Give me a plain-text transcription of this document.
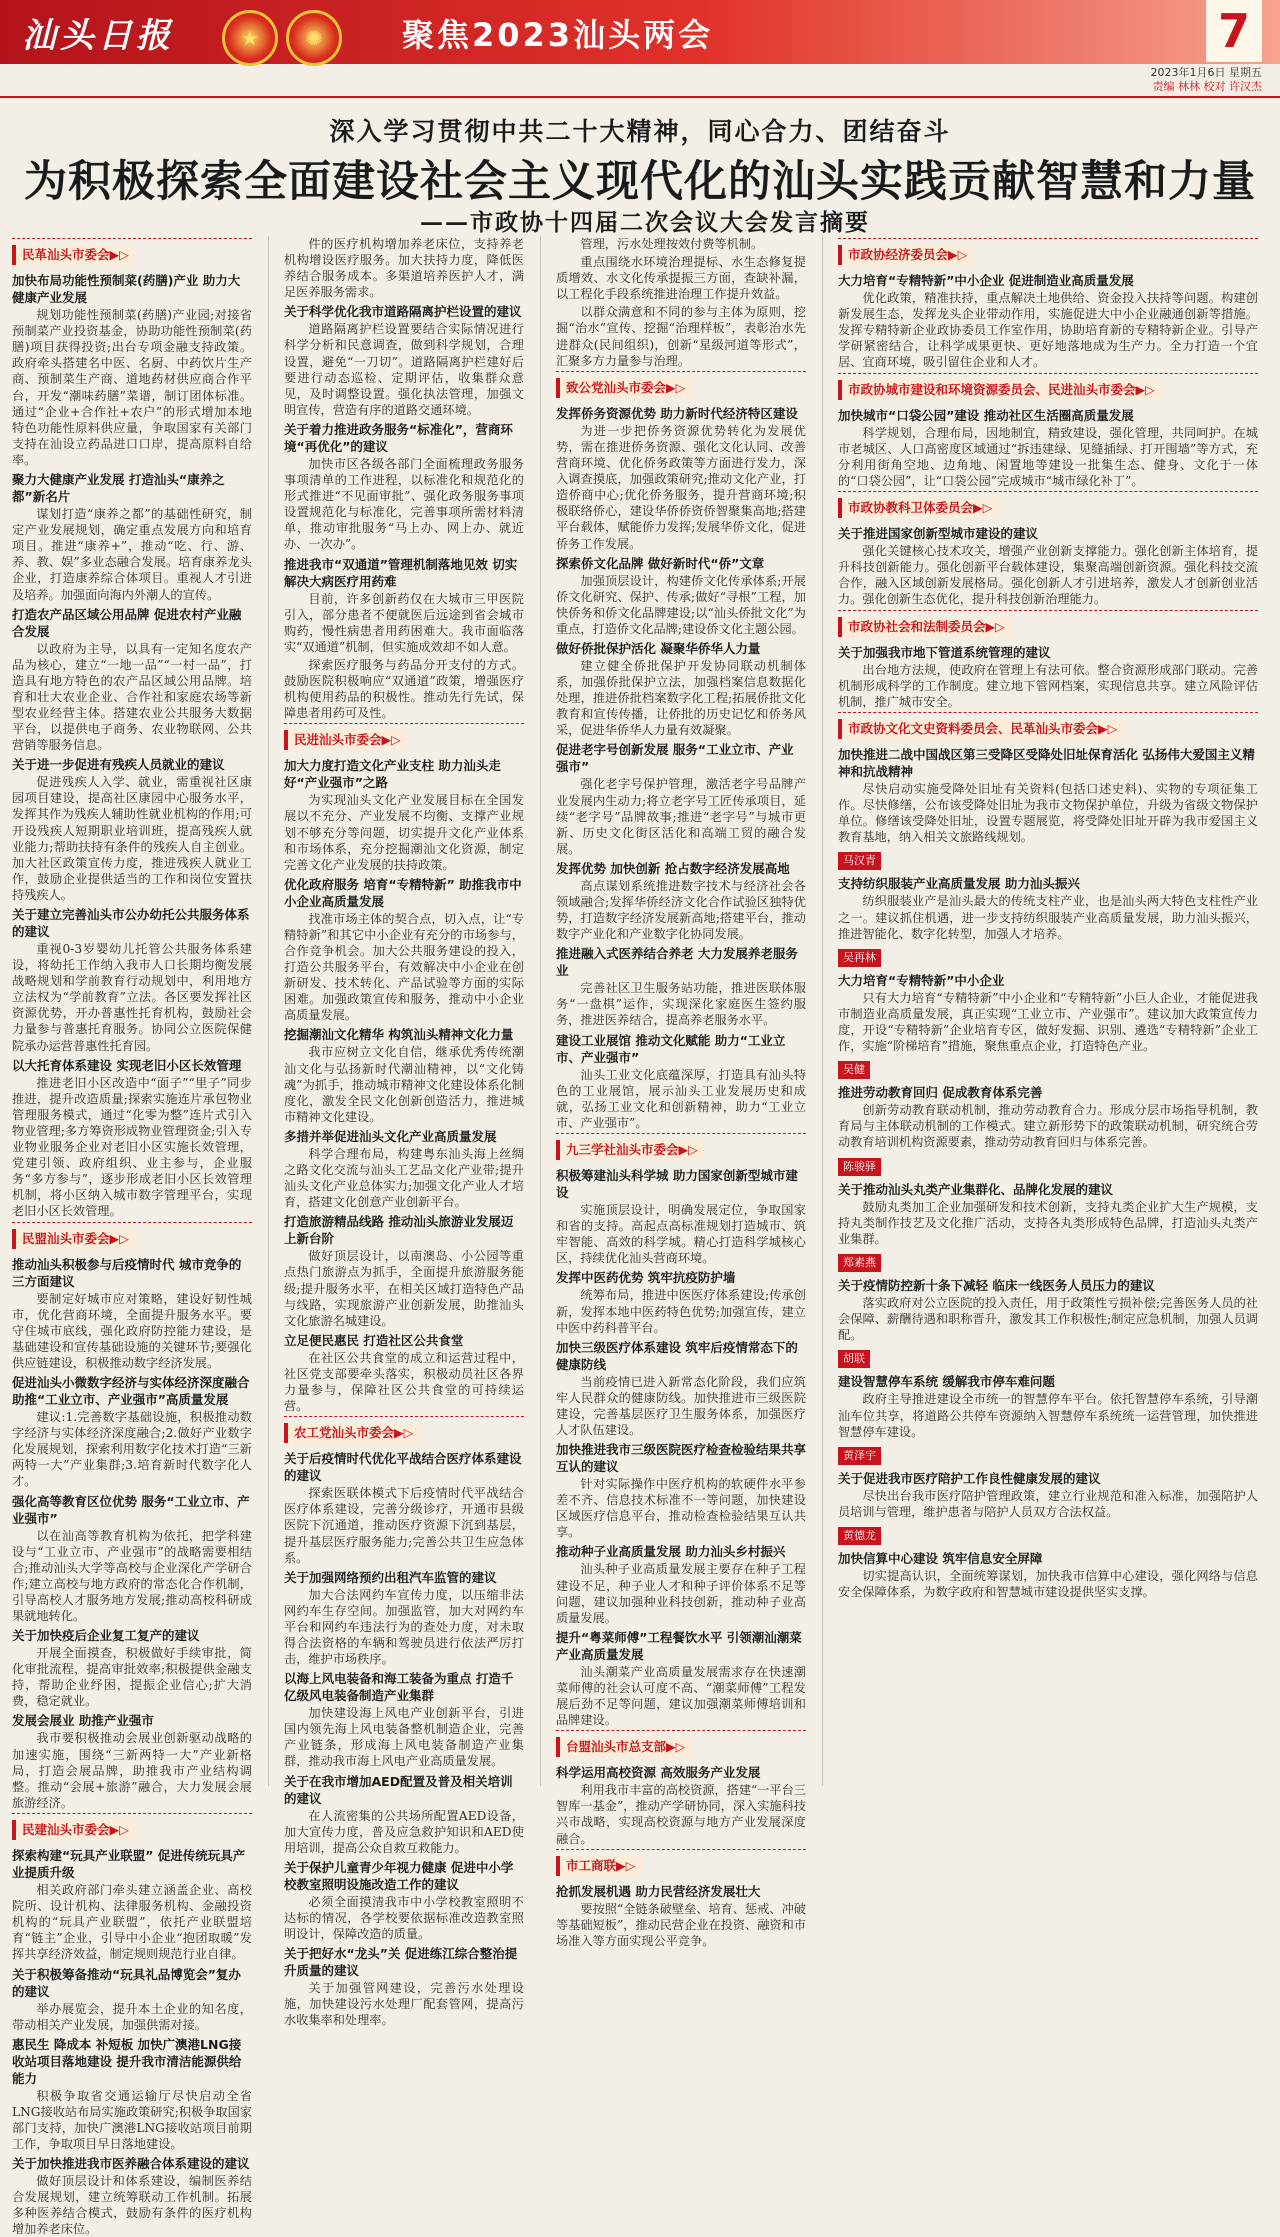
汕头日报	★	✺	聚焦2023汕头两会	7
2023年1月6日 星期五
责编 林林 校对 许汉杰
深入学习贯彻中共二十大精神，同心合力、团结奋斗
为积极探索全面建设社会主义现代化的汕头实践贡献智慧和力量
——市政协十四届二次会议大会发言摘要
民革汕头市委会▶▷
加快布局功能性预制菜(药膳)产业 助力大健康产业发展

规划功能性预制菜(药膳)产业园;对接省预制菜产业投资基金，协助功能性预制菜(药膳)项目获得投资;出台专项金融支持政策。政府牵头搭建名中医、名厨、中药饮片生产商、预制菜生产商、道地药材供应商合作平台，开发“潮味药膳”菜谱，制订团体标准。通过“企业+合作社+农户”的形式增加本地特色功能性原料供应量，争取国家有关部门支持在汕设立药品进口口岸，提高原料自给率。

聚力大健康产业发展 打造汕头“康养之都”新名片

谋划打造“康养之都”的基础性研究，制定产业发展规划，确定重点发展方向和培育项目。推进“康养+”，推动“吃、行、游、养、教、娱”多业态融合发展。培育康养龙头企业，打造康养综合体项目。重视人才引进及培养。加强面向海内外潮人的宣传。

打造农产品区域公用品牌 促进农村产业融合发展

以政府为主导，以具有一定知名度农产品为核心，建立“一地一品”“一村一品”，打造具有地方特色的农产品区域公用品牌。培育和壮大农业企业、合作社和家庭农场等新型农业经营主体。搭建农业公共服务大数据平台，以提供电子商务、农业物联网、公共营销等服务信息。

关于进一步促进有残疾人员就业的建议

促进残疾人入学、就业，需重视社区康园项目建设，提高社区康园中心服务水平，发挥其作为残疾人辅助性就业机构的作用;可开设残疾人短期职业培训班，提高残疾人就业能力;帮助扶持有条件的残疾人自主创业。加大社区政策宣传力度，推进残疾人就业工作，鼓励企业提供适当的工作和岗位安置扶持残疾人。

关于建立完善汕头市公办幼托公共服务体系的建议

重视0-3岁婴幼儿托管公共服务体系建设，将幼托工作纳入我市人口长期均衡发展战略规划和学前教育行动规划中，利用地方立法权为“学前教育”立法。各区要发挥社区资源优势，开办普惠性托育机构，鼓励社会力量参与普惠托育服务。协同公立医院保健院承办运营普惠性托育园。

以大托育体系建设 实现老旧小区长效管理

推进老旧小区改造中“面子”“里子”同步推进，提升改造质量;探索实施连片承包物业管理服务模式，通过“化零为整”连片式引入物业管理;多方筹资形成物业管理资金;引入专业物业服务企业对老旧小区实施长效管理，党建引领、政府组织、业主参与，企业服务“多方参与”，逐步形成老旧小区长效管理机制，将小区纳入城市数字管理平台，实现老旧小区长效管理。

民盟汕头市委会▶▷
推动汕头积极参与后疫情时代 城市竞争的三方面建议

要制定好城市应对策略，建设好韧性城市，优化营商环境，全面提升服务水平。要守住城市底线，强化政府防控能力建设，是基础建设和宣传基础设施的关键环节;要强化供应链建设，积极推动数字经济发展。

促进汕头小微数字经济与实体经济深度融合 助推“工业立市、产业强市”高质量发展

建议:1.完善数字基础设施，积极推动数字经济与实体经济深度融合;2.做好产业数字化发展规划，探索利用数字化技术打造“三新两特一大”产业集群;3.培育新时代数字化人才。

强化高等教育区位优势 服务“工业立市、产业强市”

以在汕高等教育机构为依托，把学科建设与“工业立市、产业强市”的战略需要相结合;推动汕头大学等高校与企业深化产学研合作;建立高校与地方政府的常态化合作机制，引导高校人才服务地方发展;推动高校科研成果就地转化。

关于加快疫后企业复工复产的建议

开展全面摸查，积极做好手续审批，简化审批流程，提高审批效率;积极提供金融支持，帮助企业纾困，提振企业信心;扩大消费，稳定就业。

发展会展业 助推产业强市

我市要积极推动会展业创新驱动战略的加速实施，围绕“三新两特一大”产业新格局，打造会展品牌，助推我市产业结构调整。推动“会展+旅游”融合，大力发展会展旅游经济。

民建汕头市委会▶▷
探索构建“玩具产业联盟” 促进传统玩具产业提质升级

相关政府部门牵头建立涵盖企业、高校院所、设计机构、法律服务机构、金融投资机构的“玩具产业联盟”，依托产业联盟培育“链主”企业，引导中小企业“抱团取暖”发挥共享经济效益，制定规则规范行业自律。

关于积极筹备推动“玩具礼品博览会”复办的建议

举办展览会，提升本土企业的知名度，带动相关产业发展，加强供需对接。

惠民生 降成本 补短板 加快广澳港LNG接收站项目落地建设 提升我市清洁能源供给能力

积极争取省交通运输厅尽快启动全省LNG接收站布局实施政策研究;积极争取国家部门支持，加快广澳港LNG接收站项目前期工作，争取项目早日落地建设。

关于加快推进我市医养融合体系建设的建议

做好顶层设计和体系建设，编制医养结合发展规划，建立统筹联动工作机制。拓展多种医养结合模式，鼓励有条件的医疗机构增加养老床位。

件的医疗机构增加养老床位，支持养老机构增设医疗服务。加大扶持力度，降低医养结合服务成本。多渠道培养医护人才，满足医养服务需求。

关于科学优化我市道路隔离护栏设置的建议

道路隔离护栏设置要结合实际情况进行科学分析和民意调查，做到科学规划，合理设置，避免“一刀切”。道路隔离护栏建好后要进行动态巡检、定期评估，收集群众意见，及时调整设置。强化执法管理，加强文明宣传，营造有序的道路交通环境。

关于着力推进政务服务“标准化”，营商环境“再优化”的建议

加快市区各级各部门全面梳理政务服务事项清单的工作进程，以标准化和规范化的形式推进“不见面审批”、强化政务服务事项设置规范化与标准化，完善事项所需材料清单，推动审批服务“马上办、网上办、就近办、一次办”。

推进我市“双通道”管理机制落地见效 切实解决大病医疗用药难

目前，许多创新药仅在大城市三甲医院引入，部分患者不便就医后远途到省会城市购药，慢性病患者用药困难大。我市面临落实“双通道”机制，但实施成效却不如人意。

探索医疗服务与药品分开支付的方式。鼓励医院积极响应“双通道”政策，增强医疗机构使用药品的积极性。推动先行先试，保障患者用药可及性。

民进汕头市委会▶▷
加大力度打造文化产业支柱 助力汕头走好“产业强市”之路

为实现汕头文化产业发展目标在全国发展以不充分、产业发展不均衡、支撑产业规划不够充分等问题，切实提升文化产业体系和市场体系，充分挖掘潮汕文化资源，制定完善文化产业发展的扶持政策。

优化政府服务 培育“专精特新” 助推我市中小企业高质量发展

找准市场主体的契合点，切入点，让“专精特新”和其它中小企业有充分的市场参与，合作竞争机会。加大公共服务建设的投入，打造公共服务平台，有效解决中小企业在创新研发、技术转化、产品试验等方面的实际困难。加强政策宣传和服务，推动中小企业高质量发展。

挖掘潮汕文化精华 构筑汕头精神文化力量

我市应树立文化自信，继承优秀传统潮汕文化与弘扬新时代潮汕精神，以“文化铸魂”为抓手，推动城市精神文化建设体系化制度化，激发全民文化创新创造活力，推进城市精神文化建设。

多措并举促进汕头文化产业高质量发展

科学合理布局，构建粤东汕头海上丝绸之路文化交流与汕头工艺品文化产业带;提升汕头文化产业总体实力;加强文化产业人才培育，搭建文化创意产业创新平台。

打造旅游精品线路 推动汕头旅游业发展迈上新台阶

做好顶层设计，以南澳岛、小公园等重点热门旅游点为抓手，全面提升旅游服务能级;提升服务水平，在相关区域打造特色产品与线路，实现旅游产业创新发展，助推汕头文化旅游名城建设。

立足便民惠民 打造社区公共食堂

在社区公共食堂的成立和运营过程中，社区党支部要牵头落实，积极动员社区各界力量参与，保障社区公共食堂的可持续运营。

农工党汕头市委会▶▷
关于后疫情时代优化平战结合医疗体系建设的建议

探索医联体模式下后疫情时代平战结合医疗体系建设，完善分级诊疗，开通市县级医院下沉通道，推动医疗资源下沉到基层，提升基层医疗服务能力;完善公共卫生应急体系。

关于加强网络预约出租汽车监管的建议

加大合法网约车宣传力度，以压缩非法网约车生存空间。加强监管，加大对网约车平台和网约车违法行为的查处力度，对未取得合法资格的车辆和驾驶员进行依法严厉打击，维护市场秩序。

以海上风电装备和海工装备为重点 打造千亿级风电装备制造产业集群

加快建设海上风电产业创新平台，引进国内领先海上风电装备整机制造企业，完善产业链条，形成海上风电装备制造产业集群，推动我市海上风电产业高质量发展。

关于在我市增加AED配置及普及相关培训的建议

在人流密集的公共场所配置AED设备，加大宣传力度，普及应急救护知识和AED使用培训，提高公众自救互救能力。

关于保护儿童青少年视力健康 促进中小学校教室照明设施改造工作的建议

必须全面摸清我市中小学校教室照明不达标的情况，各学校要依据标准改造教室照明设计，保障改造的质量。

关于把好水“龙头”关 促进练江综合整治提升质量的建议

关于加强管网建设，完善污水处理设施，加快建设污水处理厂配套管网，提高污水收集率和处理率。

管理，污水处理按效付费等机制。

重点围绕水环境治理提标、水生态修复提质增效、水文化传承提振三方面，查缺补漏，以工程化手段系统推进治理工作提升效益。

以群众满意和不同的参与主体为原则，挖掘“治水”宣传、挖掘“治理样板”，表彰治水先进群众(民间组织)，创新“星级河道等形式”，汇聚多方力量参与治理。

致公党汕头市委会▶▷
发挥侨务资源优势 助力新时代经济特区建设

为进一步把侨务资源优势转化为发展优势，需在推进侨务资源、强化文化认同、改善营商环境、优化侨务政策等方面进行发力，深入调查摸底，加强政策研究;推动文化产业，打造侨商中心;优化侨务服务，提升营商环境;积极联络侨心，建设华侨侨资侨智聚集高地;搭建平台载体，赋能侨力发挥;发展华侨文化，促进侨务工作发展。

探索侨文化品牌 做好新时代“侨”文章

加强顶层设计，构建侨文化传承体系;开展侨文化研究、保护、传承;做好“寻根”工程，加快侨务和侨文化品牌建设;以“汕头侨批文化”为重点，打造侨文化品牌;建设侨文化主题公园。

做好侨批保护活化 凝聚华侨华人力量

建立健全侨批保护开发协同联动机制体系，加强侨批保护立法，加强档案信息数据化处理，推进侨批档案数字化工程;拓展侨批文化教育和宣传传播，让侨批的历史记忆和侨务风采，促进华侨华人力量有效凝聚。

促进老字号创新发展 服务“工业立市、产业强市”

强化老字号保护管理，激活老字号品牌产业发展内生动力;将立老字号工匠传承项目，延续“老字号”品牌故事;推进“老字号”与城市更新、历史文化街区活化和高端工贸的融合发展。

发挥优势 加快创新 抢占数字经济发展高地

高点谋划系统推进数字技术与经济社会各领域融合;发挥华侨经济文化合作试验区独特优势，打造数字经济发展新高地;搭建平台，推动数字产业化和产业数字化协同发展。

推进融入式医养结合养老 大力发展养老服务业

完善社区卫生服务站功能，推进医联体服务“一盘棋”运作，实现深化家庭医生签约服务，推进医养结合，提高养老服务水平。

建设工业展馆 推动文化赋能 助力“工业立市、产业强市”

汕头工业文化底蕴深厚，打造具有汕头特色的工业展馆，展示汕头工业发展历史和成就，弘扬工业文化和创新精神，助力“工业立市、产业强市”。

九三学社汕头市委会▶▷
积极筹建汕头科学城 助力国家创新型城市建设

实施顶层设计，明确发展定位，争取国家和省的支持。高起点高标准规划打造城市、筑牢智能、高效的科学城。精心打造科学城核心区，持续优化汕头营商环境。

发挥中医药优势 筑牢抗疫防护墙

统筹布局，推进中医医疗体系建设;传承创新，发挥本地中医药特色优势;加强宣传，建立中医中药科普平台。

加快三级医疗体系建设 筑牢后疫情常态下的健康防线

当前疫情已进入新常态化阶段，我们应筑牢人民群众的健康防线。加快推进市三级医院建设，完善基层医疗卫生服务体系，加强医疗人才队伍建设。

加快推进我市三级医院医疗检查检验结果共享互认的建议

针对实际操作中医疗机构的软硬件水平参差不齐、信息技术标准不一等问题，加快建设区域医疗信息平台，推动检查检验结果互认共享。

推动种子业高质量发展 助力汕头乡村振兴

汕头种子业高质量发展主要存在种子工程建设不足，种子业人才和种子评价体系不足等问题，建议加强种业科技创新，推动种子业高质量发展。

提升“粤菜师傅”工程餐饮水平 引领潮汕潮菜产业高质量发展

汕头潮菜产业高质量发展需求存在快速潮菜师傅的社会认可度不高、“潮菜师傅”工程发展后劲不足等问题，建议加强潮菜师傅培训和品牌建设。

台盟汕头市总支部▶▷
科学运用高校资源 高效服务产业发展

利用我市丰富的高校资源，搭建“一平台三智库一基金”，推动产学研协同，深入实施科技兴市战略，实现高校资源与地方产业发展深度融合。

市工商联▶▷
抢抓发展机遇 助力民营经济发展壮大

要按照“全链条破壁垒、培育、惩戒、冲破等基础短板”，推动民营企业在投资、融资和市场准入等方面实现公平竞争。

市政协经济委员会▶▷
大力培育“专精特新”中小企业 促进制造业高质量发展

优化政策，精准扶持，重点解决土地供给、资金投入扶持等问题。构建创新发展生态，发挥龙头企业带动作用，实施促进大中小企业融通创新等措施。发挥专精特新企业政协委员工作室作用，协助培育新的专精特新企业。引导产学研紧密结合，让科学成果更快、更好地落地成为生产力。全力打造一个宜居、宜商环境，吸引留住企业和人才。

市政协城市建设和环境资源委员会、民进汕头市委会▶▷
加快城市“口袋公园”建设 推动社区生活圈高质量发展

科学规划，合理布局，因地制宜，精致建设，强化管理，共同呵护。在城市老城区、人口高密度区域通过“拆违建绿、见缝插绿、打开围墙”等方式，充分利用街角空地、边角地、闲置地等建设一批集生态、健身、文化于一体的“口袋公园”，让“口袋公园”完成城市“城市绿化补丁”。

市政协教科卫体委员会▶▷
关于推进国家创新型城市建设的建议

强化关键核心技术攻关，增强产业创新支撑能力。强化创新主体培育，提升科技创新能力。强化创新平台载体建设，集聚高端创新资源。强化科技交流合作，融入区域创新发展格局。强化创新人才引进培养，激发人才创新创业活力。强化创新生态优化，提升科技创新治理能力。

市政协社会和法制委员会▶▷
关于加强我市地下管道系统管理的建议

出台地方法规，使政府在管理上有法可依。整合资源形成部门联动。完善机制形成科学的工作制度。建立地下管网档案，实现信息共享。建立风险评估机制，推广城市安全。

市政协文化文史资料委员会、民革汕头市委会▶▷
加快推进二战中国战区第三受降区受降处旧址保育活化 弘扬伟大爱国主义精神和抗战精神

尽快启动实施受降处旧址有关资料(包括口述史料)、实物的专项征集工作。尽快修缮，公布该受降处旧址为我市文物保护单位，升级为省级文物保护单位。修缮该受降处旧址，设置专题展览，将受降处旧址开辟为我市爱国主义教育基地，纳入相关文旅路线规划。

马汉青
支持纺织服装产业高质量发展 助力汕头振兴

纺织服装业产是汕头最大的传统支柱产业，也是汕头两大特色支柱性产业之一。建议抓住机遇，进一步支持纺织服装产业高质量发展，助力汕头振兴，推进智能化、数字化转型，加强人才培养。

吴再林
大力培育“专精特新”中小企业

只有大力培育“专精特新”中小企业和“专精特新”小巨人企业，才能促进我市制造业高质量发展，真正实现“工业立市、产业强市”。建议加大政策宣传力度，开设“专精特新”企业培育专区，做好发掘、识别、遴选“专精特新”企业工作，实施“阶梯培育”措施，聚焦重点企业，打造特色产业。

吴健
推进劳动教育回归 促成教育体系完善

创新劳动教育联动机制，推动劳动教育合力。形成分层市场指导机制，教育局与主体联动机制的工作模式。建立新形势下的政策联动机制，研究统合劳动教育培训机构资源要素，推动劳动教育回归与体系完善。

陈骏驿
关于推动汕头丸类产业集群化、品牌化发展的建议

鼓励丸类加工企业加强研发和技术创新，支持丸类企业扩大生产规模，支持丸类制作技艺及文化推广活动，支持各丸类形成特色品牌，打造汕头丸类产业集群。

郑素燕
关于疫情防控新十条下减轻 临床一线医务人员压力的建议

落实政府对公立医院的投入责任，用于政策性亏损补偿;完善医务人员的社会保障、薪酬待遇和职称晋升，激发其工作积极性;制定应急机制，加强人员调配。

胡联
建设智慧停车系统 缓解我市停车难问题

政府主导推进建设全市统一的智慧停车平台。依托智慧停车系统，引导潮汕车位共享，将道路公共停车资源纳入智慧停车系统统一运营管理，加快推进智慧停车建设。

黄泽宇
关于促进我市医疗陪护工作良性健康发展的建议

尽快出台我市医疗陪护管理政策，建立行业规范和准入标准，加强陪护人员培训与管理，维护患者与陪护人员双方合法权益。

黄德龙
加快信算中心建设 筑牢信息安全屏障

切实提高认识，全面统筹谋划，加快我市信算中心建设，强化网络与信息安全保障体系，为数字政府和智慧城市建设提供坚实支撑。
